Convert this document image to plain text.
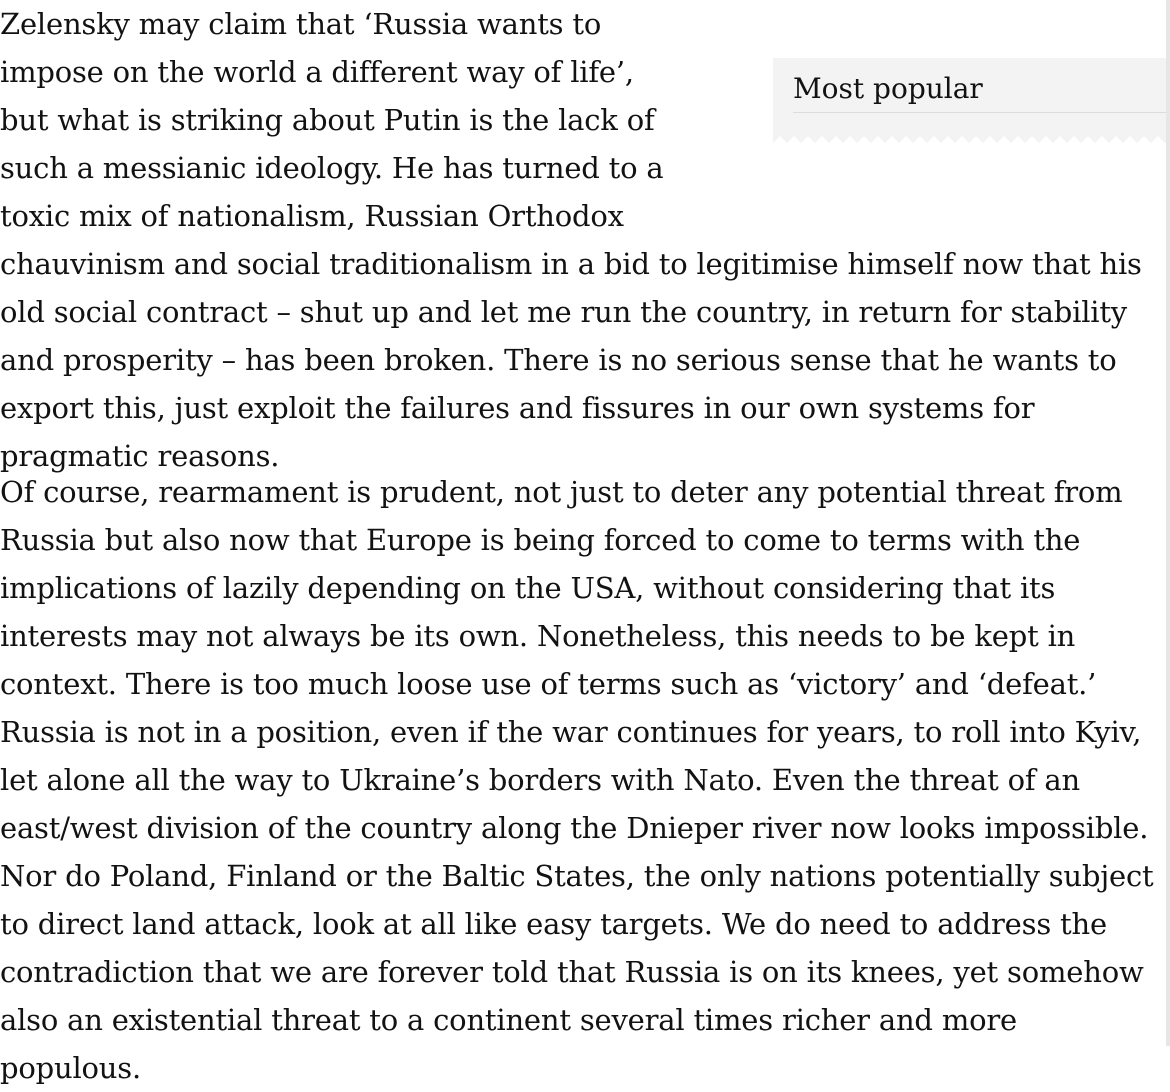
Zelensky may claim that ‘Russia wants to impose on the world a different way of life’, but what is striking about Putin is the lack of such a messianic ideology. He has turned to a toxic mix of nationalism, Russian Orthodox chauvinism and social traditionalism in a bid to legitimise himself now that his old social contract – shut up and let me run the country, in return for stability and prosperity – has been broken. There is no serious sense that he wants to export this, just exploit the failures and fissures in our own systems for pragmatic reasons.

Of course, rearmament is prudent, not just to deter any potential threat from Russia but also now that Europe is being forced to come to terms with the implications of lazily depending on the USA, without considering that its interests may not always be its own. Nonetheless, this needs to be kept in context. There is too much loose use of terms such as ‘victory’ and ‘defeat.’ Russia is not in a position, even if the war continues for years, to roll into Kyiv, let alone all the way to Ukraine’s borders with Nato. Even the threat of an east/west division of the country along the Dnieper river now looks impossible. Nor do Poland, Finland or the Baltic States, the only nations potentially subject to direct land attack, look at all like easy targets. We do need to address the contradiction that we are forever told that Russia is on its knees, yet somehow also an existential threat to a continent several times richer and more populous.

Most popular
